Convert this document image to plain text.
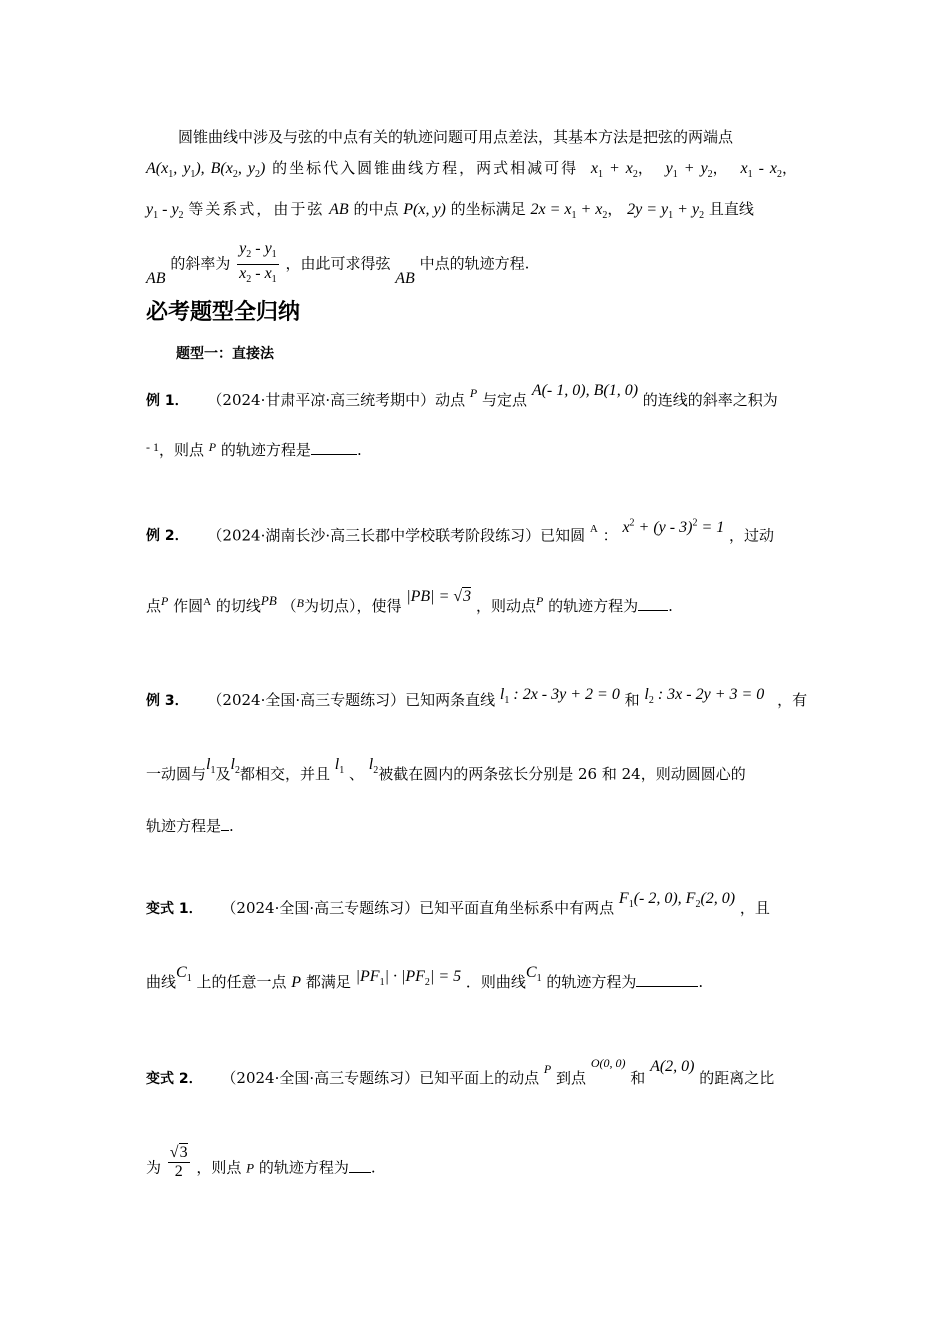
圆锥曲线中涉及与弦的中点有关的轨迹问题可用点差法，其基本方法是把弦的两端点
$A(x_1$, $y_1$), $B(x_2$, $y_2$) 的坐标代入圆锥曲线方程，两式相减可得  $x_1 + x_2$，  $y_1 + y_2$，  $x_1 - x_2$，
$y_1 - y_2$ 等关系式，由于弦 AB 的中点 P(x, y) 的坐标满足 $2x = x_1 + x_2$， $2y = y_1 + y_2$ 且直线
AB 的斜率为 $\frac{y_2 - y_1}{x_2 - x_1}$ ，由此可求得弦 AB 中点的轨迹方程.
必考题型全归纳
题型一：直接法
例 1． （2024·甘肃平凉·高三统考期中）动点 $^P$ 与定点 A(- 1, 0), B(1, 0) 的连线的斜率之积为
$^{- 1}$，则点 $^P$ 的轨迹方程是	.
例 2． （2024·湖南长沙·高三长郡中学校联考阶段练习）已知圆 $^A$ ： $x^2 + (y - 3)^2 = 1$ ，过动
点$^P$ 作圆$^A$ 的切线PB （$^B$为切点），使得 |PB| = √3 ，则动点$^P$ 的轨迹方程为 .
例 3． （2024·全国·高三专题练习）已知两条直线 $l_1$ : 2x - 3y + 2 = 0 和 $l_2$ : 3x - 2y + 3 = 0 ，有
一动圆与$l_1$及$l_2$都相交，并且 $l_1$ 、 $l_2$被截在圆内的两条弦长分别是 26 和 24，则动圆圆心的
轨迹方程是 .
变式 1． （2024·全国·高三专题练习）已知平面直角坐标系中有两点 $F_1(-$ 2, 0), $F_2(2$, 0) ，且
曲线$C_1$ 上的任意一点 P 都满足 $|PF_1| \cdot |PF_2| = 5$ ．则曲线$C_1$ 的轨迹方程为	.
变式 2． （2024·全国·高三专题练习）已知平面上的动点 $^P$ 到点 $^{O(0, 0)}$ 和 A(2, 0) 的距离之比
为 $\frac{√3}{2}$ ，则点 P 的轨迹方程为 .
